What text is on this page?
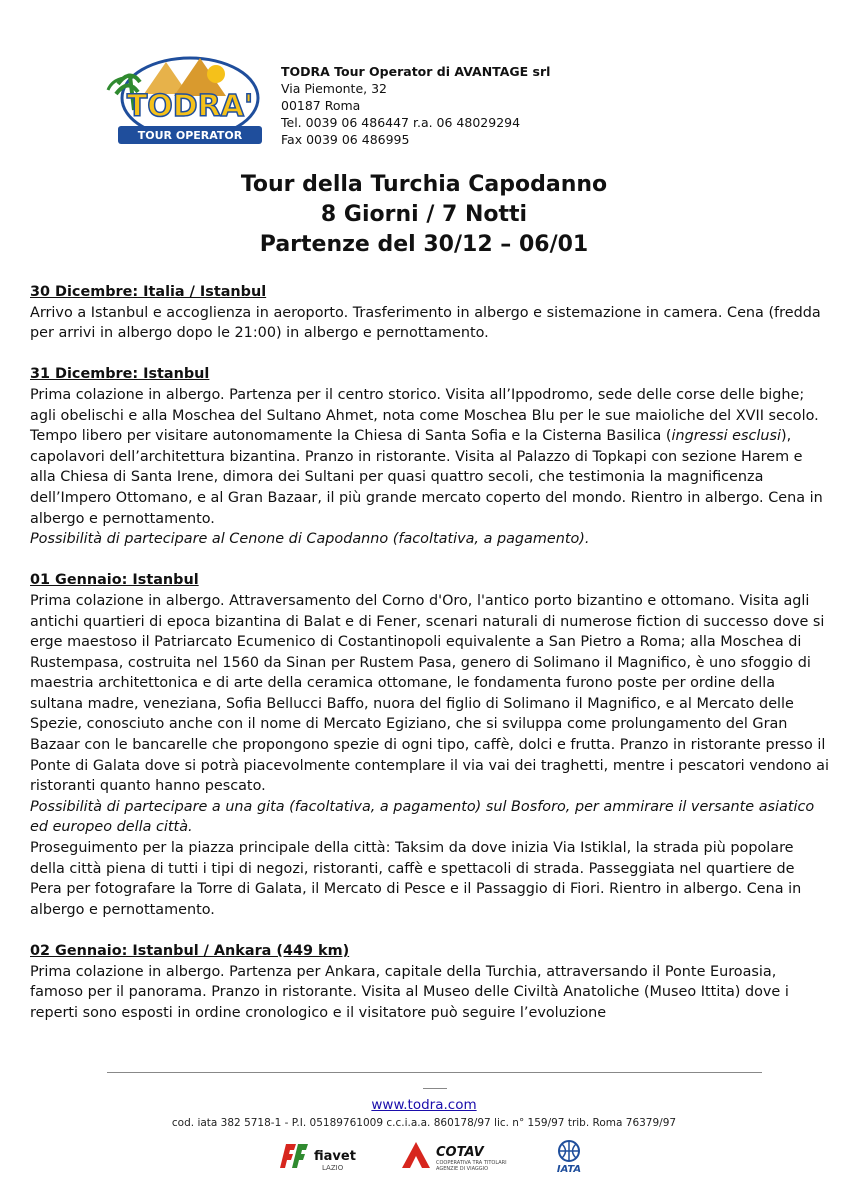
TODRA'
TOUR OPERATOR
TODRA Tour Operator di AVANTAGE srl
Via Piemonte, 32
00187 Roma
Tel. 0039 06 486447 r.a. 06 48029294
Fax 0039 06 486995
Tour della Turchia Capodanno
8 Giorni / 7 Notti
Partenze del 30/12 – 06/01
30 Dicembre: Italia / Istanbul

Arrivo a Istanbul e accoglienza in aeroporto. Trasferimento in albergo e sistemazione in camera. Cena (fredda per arrivi in albergo dopo le 21:00) in albergo e pernottamento.

31 Dicembre: Istanbul

Prima colazione in albergo. Partenza per il centro storico. Visita all’Ippodromo, sede delle corse delle bighe; agli obelischi e alla Moschea del Sultano Ahmet, nota come Moschea Blu per le sue maioliche del XVII secolo. Tempo libero per visitare autonomamente la Chiesa di Santa Sofia e la Cisterna Basilica (ingressi esclusi), capolavori dell’architettura bizantina. Pranzo in ristorante. Visita al Palazzo di Topkapi con sezione Harem e alla Chiesa di Santa Irene, dimora dei Sultani per quasi quattro secoli, che testimonia la magnificenza dell’Impero Ottomano, e al Gran Bazaar, il più grande mercato coperto del mondo. Rientro in albergo. Cena in albergo e pernottamento.

Possibilità di partecipare al Cenone di Capodanno (facoltativa, a pagamento).

01 Gennaio: Istanbul

Prima colazione in albergo. Attraversamento del Corno d'Oro, l'antico porto bizantino e ottomano. Visita agli antichi quartieri di epoca bizantina di Balat e di Fener, scenari naturali di numerose fiction di successo dove si erge maestoso il Patriarcato Ecumenico di Costantinopoli equivalente a San Pietro a Roma; alla Moschea di Rustempasa, costruita nel 1560 da Sinan per Rustem Pasa, genero di Solimano il Magnifico, è uno sfoggio di maestria architettonica e di arte della ceramica ottomane, le fondamenta furono poste per ordine della sultana madre, veneziana, Sofia Bellucci Baffo, nuora del figlio di Solimano il Magnifico, e al Mercato delle Spezie, conosciuto anche con il nome di Mercato Egiziano, che si sviluppa come prolungamento del Gran Bazaar con le bancarelle che propongono spezie di ogni tipo, caffè, dolci e frutta. Pranzo in ristorante presso il Ponte di Galata dove si potrà piacevolmente contemplare il via vai dei traghetti, mentre i pescatori vendono ai ristoranti quanto hanno pescato.

Possibilità di partecipare a una gita (facoltativa, a pagamento) sul Bosforo, per ammirare il versante asiatico ed europeo della città.

Proseguimento per la piazza principale della città: Taksim da dove inizia Via Istiklal, la strada più popolare della città piena di tutti i tipi di negozi, ristoranti, caffè e spettacoli di strada. Passeggiata nel quartiere de Pera per fotografare la Torre di Galata, il Mercato di Pesce e il Passaggio di Fiori. Rientro in albergo. Cena in albergo e pernottamento.

02 Gennaio: Istanbul / Ankara (449 km)

Prima colazione in albergo. Partenza per Ankara, capitale della Turchia, attraversando il Ponte Euroasia, famoso per il panorama. Pranzo in ristorante. Visita al Museo delle Civiltà Anatoliche (Museo Ittita) dove i reperti sono esposti in ordine cronologico e il visitatore può seguire l’evoluzione

www.todra.com
cod. iata 382 5718-1 - P.I. 05189761009 c.c.i.a.a. 860178/97 lic. n° 159/97 trib. Roma 76379/97
fiavet
LAZIO
COTAV
COOPERATIVA TRA TITOLARI
AGENZIE DI VIAGGIO	IATA
